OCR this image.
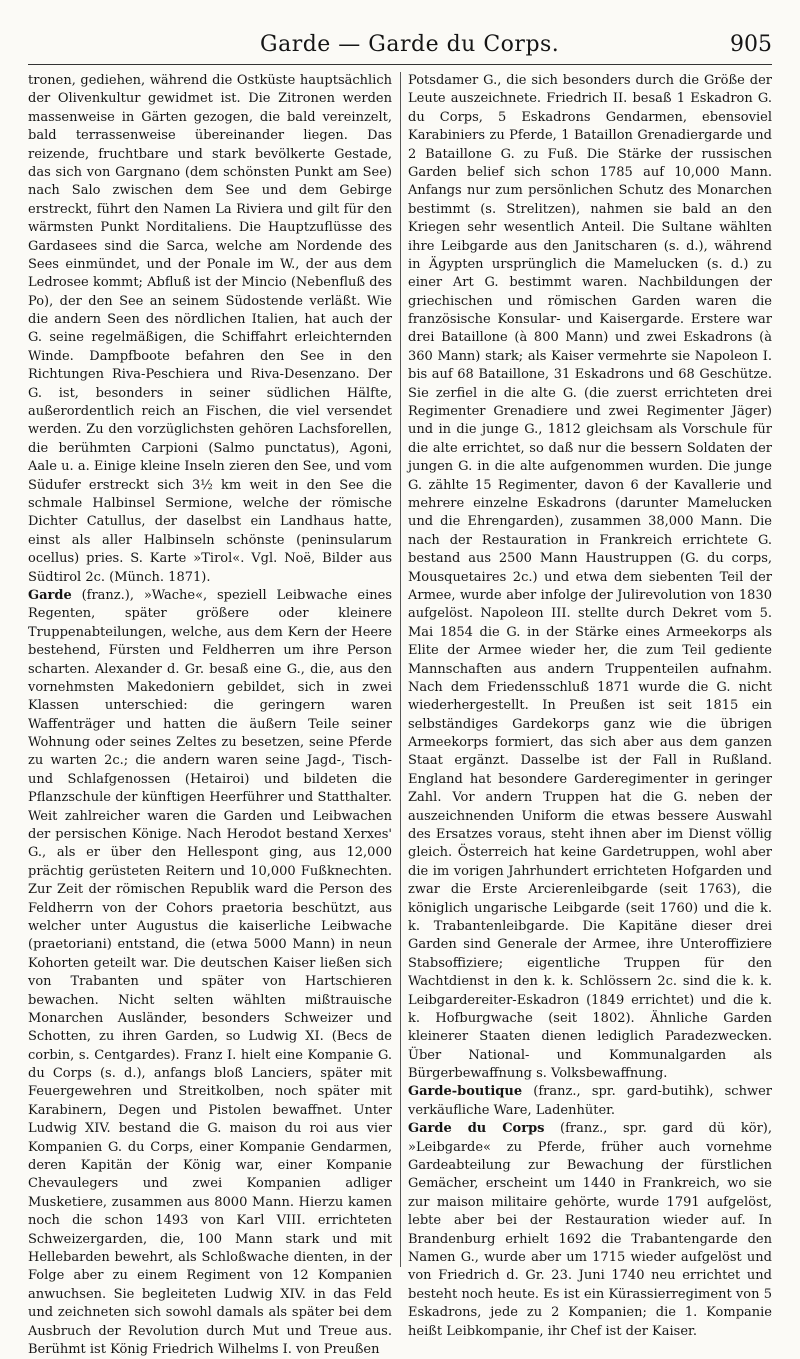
Garde — Garde du Corps.	905

tronen, gediehen, während die Ostküste hauptsächlich der Olivenkultur gewidmet ist. Die Zitronen werden massenweise in Gärten gezogen, die bald vereinzelt, bald terrassenweise übereinander liegen. Das reizende, fruchtbare und stark bevölkerte Gestade, das sich von Gargnano (dem schönsten Punkt am See) nach Salo zwischen dem See und dem Gebirge erstreckt, führt den Namen La Riviera und gilt für den wärmsten Punkt Norditaliens. Die Hauptzuflüsse des Gardasees sind die Sarca, welche am Nordende des Sees einmündet, und der Ponale im W., der aus dem Ledrosee kommt; Abfluß ist der Mincio (Nebenfluß des Po), der den See an seinem Südostende verläßt. Wie die andern Seen des nördlichen Italien, hat auch der G. seine regelmäßigen, die Schiffahrt erleichternden Winde. Dampfboote befahren den See in den Richtungen Riva-Peschiera und Riva-Desenzano. Der G. ist, besonders in seiner südlichen Hälfte, außerordentlich reich an Fischen, die viel versendet werden. Zu den vorzüglichsten gehören Lachsforellen, die berühmten Carpioni (Salmo punctatus), Agoni, Aale u. a. Einige kleine Inseln zieren den See, und vom Südufer erstreckt sich 3½ km weit in den See die schmale Halbinsel Sermione, welche der römische Dichter Catullus, der daselbst ein Landhaus hatte, einst als aller Halbinseln schönste (peninsularum ocellus) pries. S. Karte »Tirol«. Vgl. Noë, Bilder aus Südtirol 2c. (Münch. 1871).

Garde (franz.), »Wache«, speziell Leibwache eines Regenten, später größere oder kleinere Truppenabteilungen, welche, aus dem Kern der Heere bestehend, Fürsten und Feldherren um ihre Person scharten. Alexander d. Gr. besaß eine G., die, aus den vornehmsten Makedoniern gebildet, sich in zwei Klassen unterschied: die geringern waren Waffenträger und hatten die äußern Teile seiner Wohnung oder seines Zeltes zu besetzen, seine Pferde zu warten 2c.; die andern waren seine Jagd-, Tisch- und Schlafgenossen (Hetairoi) und bildeten die Pflanzschule der künftigen Heerführer und Statthalter. Weit zahlreicher waren die Garden und Leibwachen der persischen Könige. Nach Herodot bestand Xerxes' G., als er über den Hellespont ging, aus 12,000 prächtig gerüsteten Reitern und 10,000 Fußknechten. Zur Zeit der römischen Republik ward die Person des Feldherrn von der Cohors praetoria beschützt, aus welcher unter Augustus die kaiserliche Leibwache (praetoriani) entstand, die (etwa 5000 Mann) in neun Kohorten geteilt war. Die deutschen Kaiser ließen sich von Trabanten und später von Hartschieren bewachen. Nicht selten wählten mißtrauische Monarchen Ausländer, besonders Schweizer und Schotten, zu ihren Garden, so Ludwig XI. (Becs de corbin, s. Centgardes). Franz I. hielt eine Kompanie G. du Corps (s. d.), anfangs bloß Lanciers, später mit Feuergewehren und Streitkolben, noch später mit Karabinern, Degen und Pistolen bewaffnet. Unter Ludwig XIV. bestand die G. maison du roi aus vier Kompanien G. du Corps, einer Kompanie Gendarmen, deren Kapitän der König war, einer Kompanie Chevaulegers und zwei Kompanien adliger Musketiere, zusammen aus 8000 Mann. Hierzu kamen noch die schon 1493 von Karl VIII. errichteten Schweizergarden, die, 100 Mann stark und mit Hellebarden bewehrt, als Schloßwache dienten, in der Folge aber zu einem Regiment von 12 Kompanien anwuchsen. Sie begleiteten Ludwig XIV. in das Feld und zeichneten sich sowohl damals als später bei dem Ausbruch der Revolution durch Mut und Treue aus. Berühmt ist König Friedrich Wilhelms I. von Preußen

Potsdamer G., die sich besonders durch die Größe der Leute auszeichnete. Friedrich II. besaß 1 Eskadron G. du Corps, 5 Eskadrons Gendarmen, ebensoviel Karabiniers zu Pferde, 1 Bataillon Grenadiergarde und 2 Bataillone G. zu Fuß. Die Stärke der russischen Garden belief sich schon 1785 auf 10,000 Mann. Anfangs nur zum persönlichen Schutz des Monarchen bestimmt (s. Strelitzen), nahmen sie bald an den Kriegen sehr wesentlich Anteil. Die Sultane wählten ihre Leibgarde aus den Janitscharen (s. d.), während in Ägypten ursprünglich die Mamelucken (s. d.) zu einer Art G. bestimmt waren. Nachbildungen der griechischen und römischen Garden waren die französische Konsular- und Kaisergarde. Erstere war drei Bataillone (à 800 Mann) und zwei Eskadrons (à 360 Mann) stark; als Kaiser vermehrte sie Napoleon I. bis auf 68 Bataillone, 31 Eskadrons und 68 Geschütze. Sie zerfiel in die alte G. (die zuerst errichteten drei Regimenter Grenadiere und zwei Regimenter Jäger) und in die junge G., 1812 gleichsam als Vorschule für die alte errichtet, so daß nur die bessern Soldaten der jungen G. in die alte aufgenommen wurden. Die junge G. zählte 15 Regimenter, davon 6 der Kavallerie und mehrere einzelne Eskadrons (darunter Mamelucken und die Ehrengarden), zusammen 38,000 Mann. Die nach der Restauration in Frankreich errichtete G. bestand aus 2500 Mann Haustruppen (G. du corps, Mousquetaires 2c.) und etwa dem siebenten Teil der Armee, wurde aber infolge der Julirevolution von 1830 aufgelöst. Napoleon III. stellte durch Dekret vom 5. Mai 1854 die G. in der Stärke eines Armeekorps als Elite der Armee wieder her, die zum Teil gediente Mannschaften aus andern Truppenteilen aufnahm. Nach dem Friedensschluß 1871 wurde die G. nicht wiederhergestellt. In Preußen ist seit 1815 ein selbständiges Gardekorps ganz wie die übrigen Armeekorps formiert, das sich aber aus dem ganzen Staat ergänzt. Dasselbe ist der Fall in Rußland. England hat besondere Garderegimenter in geringer Zahl. Vor andern Truppen hat die G. neben der auszeichnenden Uniform die etwas bessere Auswahl des Ersatzes voraus, steht ihnen aber im Dienst völlig gleich. Österreich hat keine Gardetruppen, wohl aber die im vorigen Jahrhundert errichteten Hofgarden und zwar die Erste Arcierenleibgarde (seit 1763), die königlich ungarische Leibgarde (seit 1760) und die k. k. Trabantenleibgarde. Die Kapitäne dieser drei Garden sind Generale der Armee, ihre Unteroffiziere Stabsoffiziere; eigentliche Truppen für den Wachtdienst in den k. k. Schlössern 2c. sind die k. k. Leibgardereiter-Eskadron (1849 errichtet) und die k. k. Hofburgwache (seit 1802). Ähnliche Garden kleinerer Staaten dienen lediglich Paradezwecken. Über National- und Kommunalgarden als Bürgerbewaffnung s. Volksbewaffnung.

Garde-boutique (franz., spr. gard-butihk), schwer verkäufliche Ware, Ladenhüter.

Garde du Corps (franz., spr. gard dü kör), »Leibgarde« zu Pferde, früher auch vornehme Gardeabteilung zur Bewachung der fürstlichen Gemächer, erscheint um 1440 in Frankreich, wo sie zur maison militaire gehörte, wurde 1791 aufgelöst, lebte aber bei der Restauration wieder auf. In Brandenburg erhielt 1692 die Trabantengarde den Namen G., wurde aber um 1715 wieder aufgelöst und von Friedrich d. Gr. 23. Juni 1740 neu errichtet und besteht noch heute. Es ist ein Kürassierregiment von 5 Eskadrons, jede zu 2 Kompanien; die 1. Kompanie heißt Leibkompanie, ihr Chef ist der Kaiser.
